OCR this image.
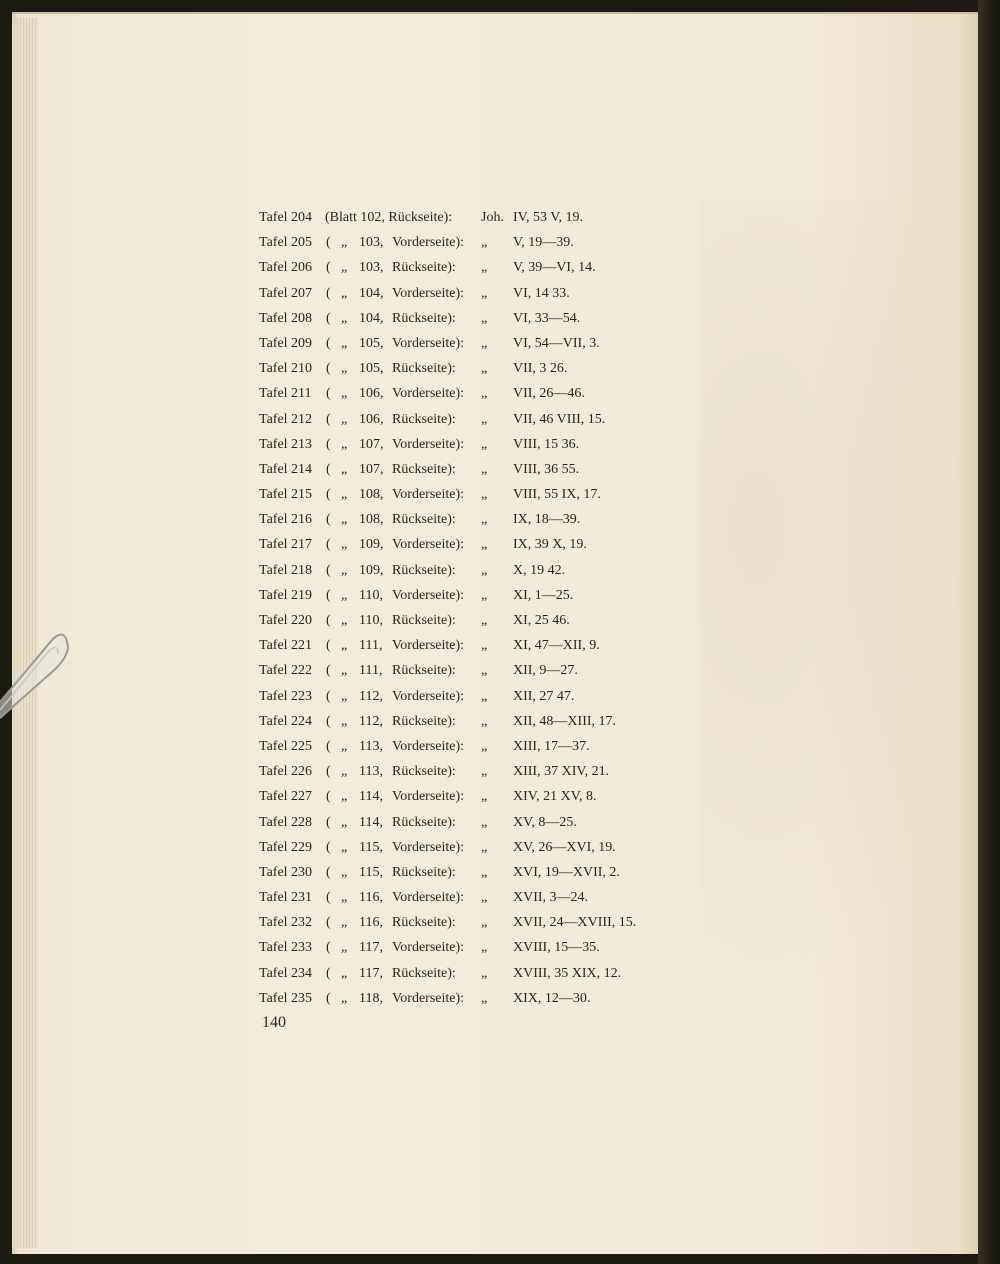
Tafel 204 (Blatt 102, Rückseite): Joh. IV, 53 V, 19.
Tafel 205 ( „ 103, Vorderseite): „ V, 19—39.
Tafel 206 ( „ 103, Rückseite): „ V, 39—VI, 14.
Tafel 207 ( „ 104, Vorderseite): „ VI, 14 33.
Tafel 208 ( „ 104, Rückseite): „ VI, 33—54.
Tafel 209 ( „ 105, Vorderseite): „ VI, 54—VII, 3.
Tafel 210 ( „ 105, Rückseite): „ VII, 3 26.
Tafel 211 ( „ 106, Vorderseite): „ VII, 26—46.
Tafel 212 ( „ 106, Rückseite): „ VII, 46 VIII, 15.
Tafel 213 ( „ 107, Vorderseite): „ VIII, 15 36.
Tafel 214 ( „ 107, Rückseite): „ VIII, 36 55.
Tafel 215 ( „ 108, Vorderseite): „ VIII, 55 IX, 17.
Tafel 216 ( „ 108, Rückseite): „ IX, 18—39.
Tafel 217 ( „ 109, Vorderseite): „ IX, 39 X, 19.
Tafel 218 ( „ 109, Rückseite): „ X, 19 42.
Tafel 219 ( „ 110, Vorderseite): „ XI, 1—25.
Tafel 220 ( „ 110, Rückseite): „ XI, 25 46.
Tafel 221 ( „ 111, Vorderseite): „ XI, 47—XII, 9.
Tafel 222 ( „ 111, Rückseite): „ XII, 9—27.
Tafel 223 ( „ 112, Vorderseite): „ XII, 27 47.
Tafel 224 ( „ 112, Rückseite): „ XII, 48—XIII, 17.
Tafel 225 ( „ 113, Vorderseite): „ XIII, 17—37.
Tafel 226 ( „ 113, Rückseite): „ XIII, 37 XIV, 21.
Tafel 227 ( „ 114, Vorderseite): „ XIV, 21 XV, 8.
Tafel 228 ( „ 114, Rückseite): „ XV, 8—25.
Tafel 229 ( „ 115, Vorderseite): „ XV, 26—XVI, 19.
Tafel 230 ( „ 115, Rückseite): „ XVI, 19—XVII, 2.
Tafel 231 ( „ 116, Vorderseite): „ XVII, 3—24.
Tafel 232 ( „ 116, Rückseite): „ XVII, 24—XVIII, 15.
Tafel 233 ( „ 117, Vorderseite): „ XVIII, 15—35.
Tafel 234 ( „ 117, Rückseite): „ XVIII, 35 XIX, 12.
Tafel 235 ( „ 118, Vorderseite): „ XIX, 12—30.
140
